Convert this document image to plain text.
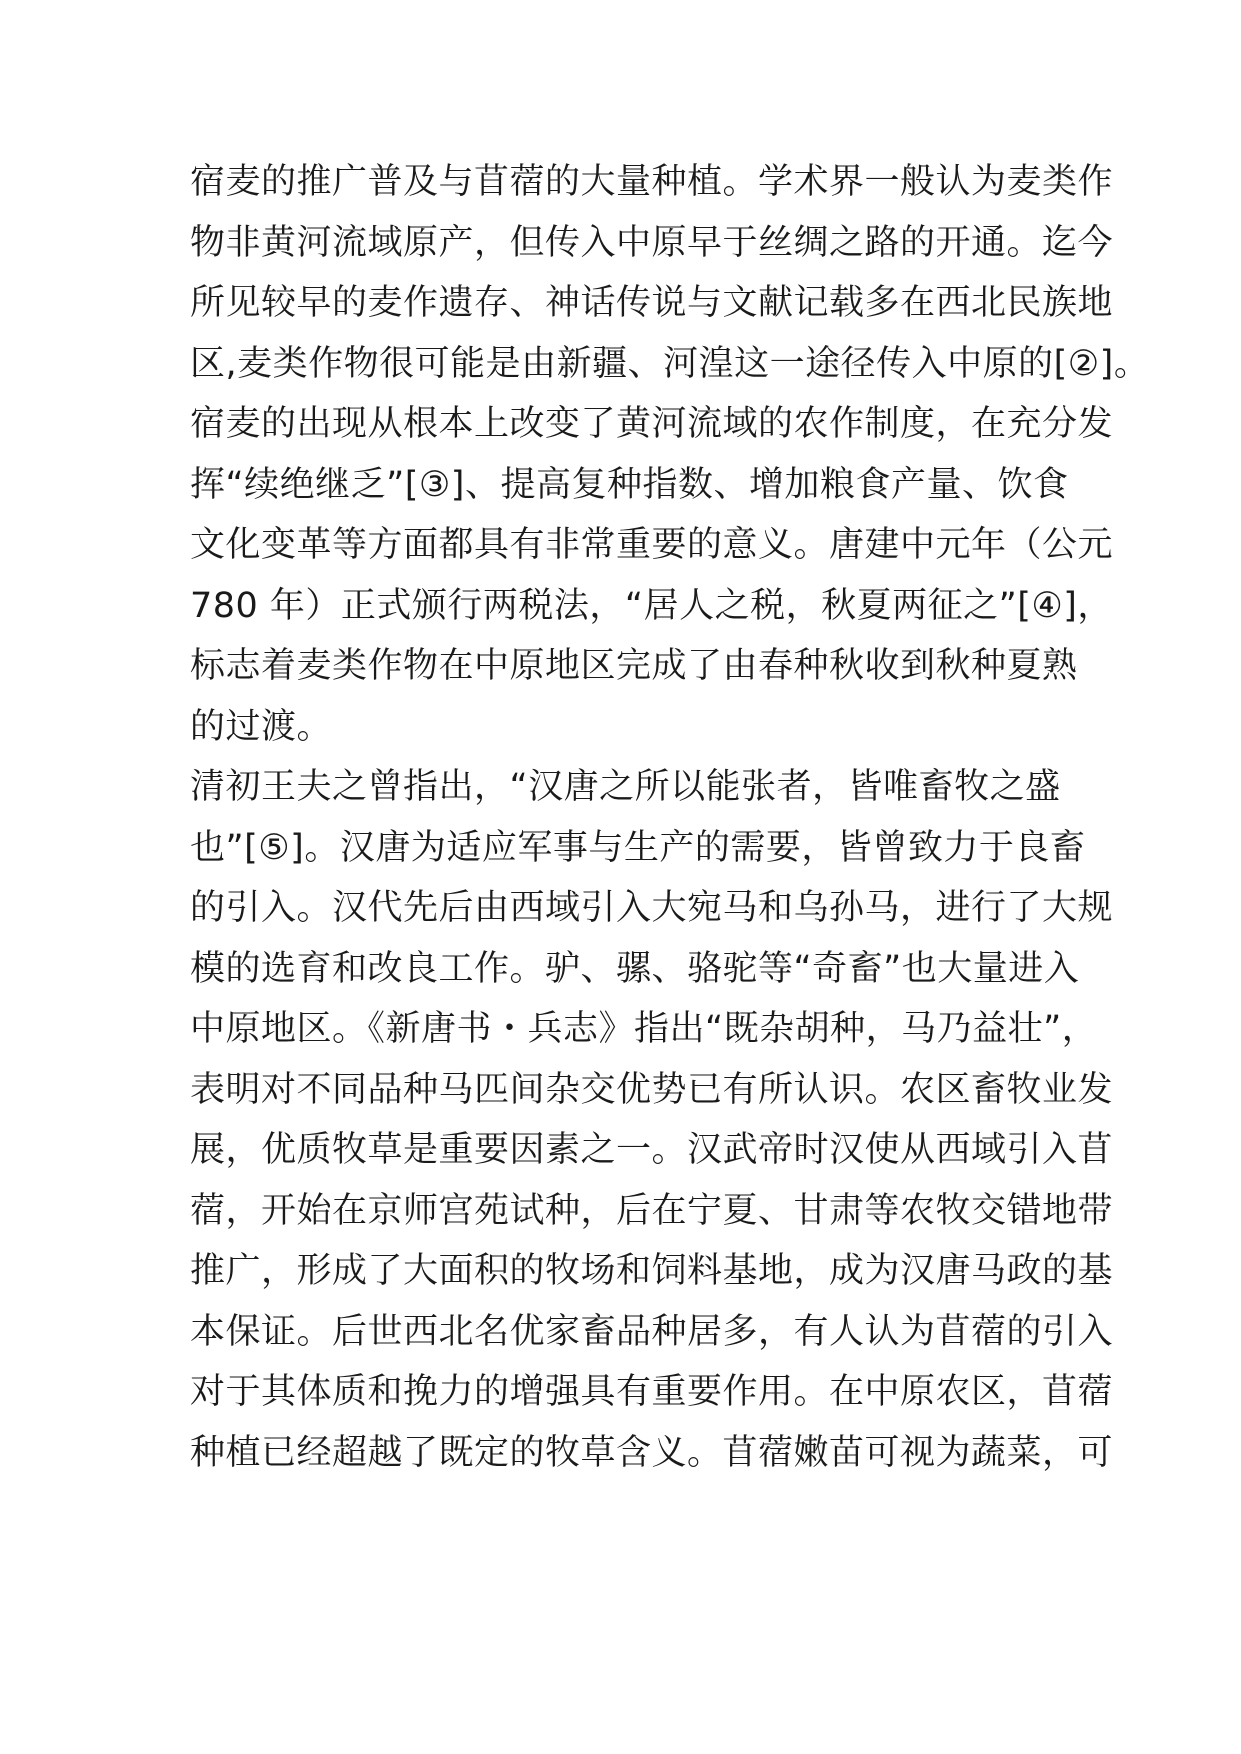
宿麦的推广普及与苜蓿的大量种植。学术界一般认为麦类作
物非黄河流域原产，但传入中原早于丝绸之路的开通。迄今
所见较早的麦作遗存、神话传说与文献记载多在西北民族地
区,麦类作物很可能是由新疆、河湟这一途径传入中原的[②]。
宿麦的出现从根本上改变了黄河流域的农作制度，在充分发
挥“续绝继乏”[③]、提高复种指数、增加粮食产量、饮食
文化变革等方面都具有非常重要的意义。唐建中元年（公元
780 年）正式颁行两税法，“居人之税，秋夏两征之”[④]，
标志着麦类作物在中原地区完成了由春种秋收到秋种夏熟
的过渡。
清初王夫之曾指出，“汉唐之所以能张者，皆唯畜牧之盛
也”[⑤]。汉唐为适应军事与生产的需要，皆曾致力于良畜
的引入。汉代先后由西域引入大宛马和乌孙马，进行了大规
模的选育和改良工作。驴、骡、骆驼等“奇畜”也大量进入
中原地区。《新唐书・兵志》指出“既杂胡种，马乃益壮”，
表明对不同品种马匹间杂交优势已有所认识。农区畜牧业发
展，优质牧草是重要因素之一。汉武帝时汉使从西域引入苜
蓿，开始在京师宫苑试种，后在宁夏、甘肃等农牧交错地带
推广，形成了大面积的牧场和饲料基地，成为汉唐马政的基
本保证。后世西北名优家畜品种居多，有人认为苜蓿的引入
对于其体质和挽力的增强具有重要作用。在中原农区，苜蓿
种植已经超越了既定的牧草含义。苜蓿嫩苗可视为蔬菜，可
